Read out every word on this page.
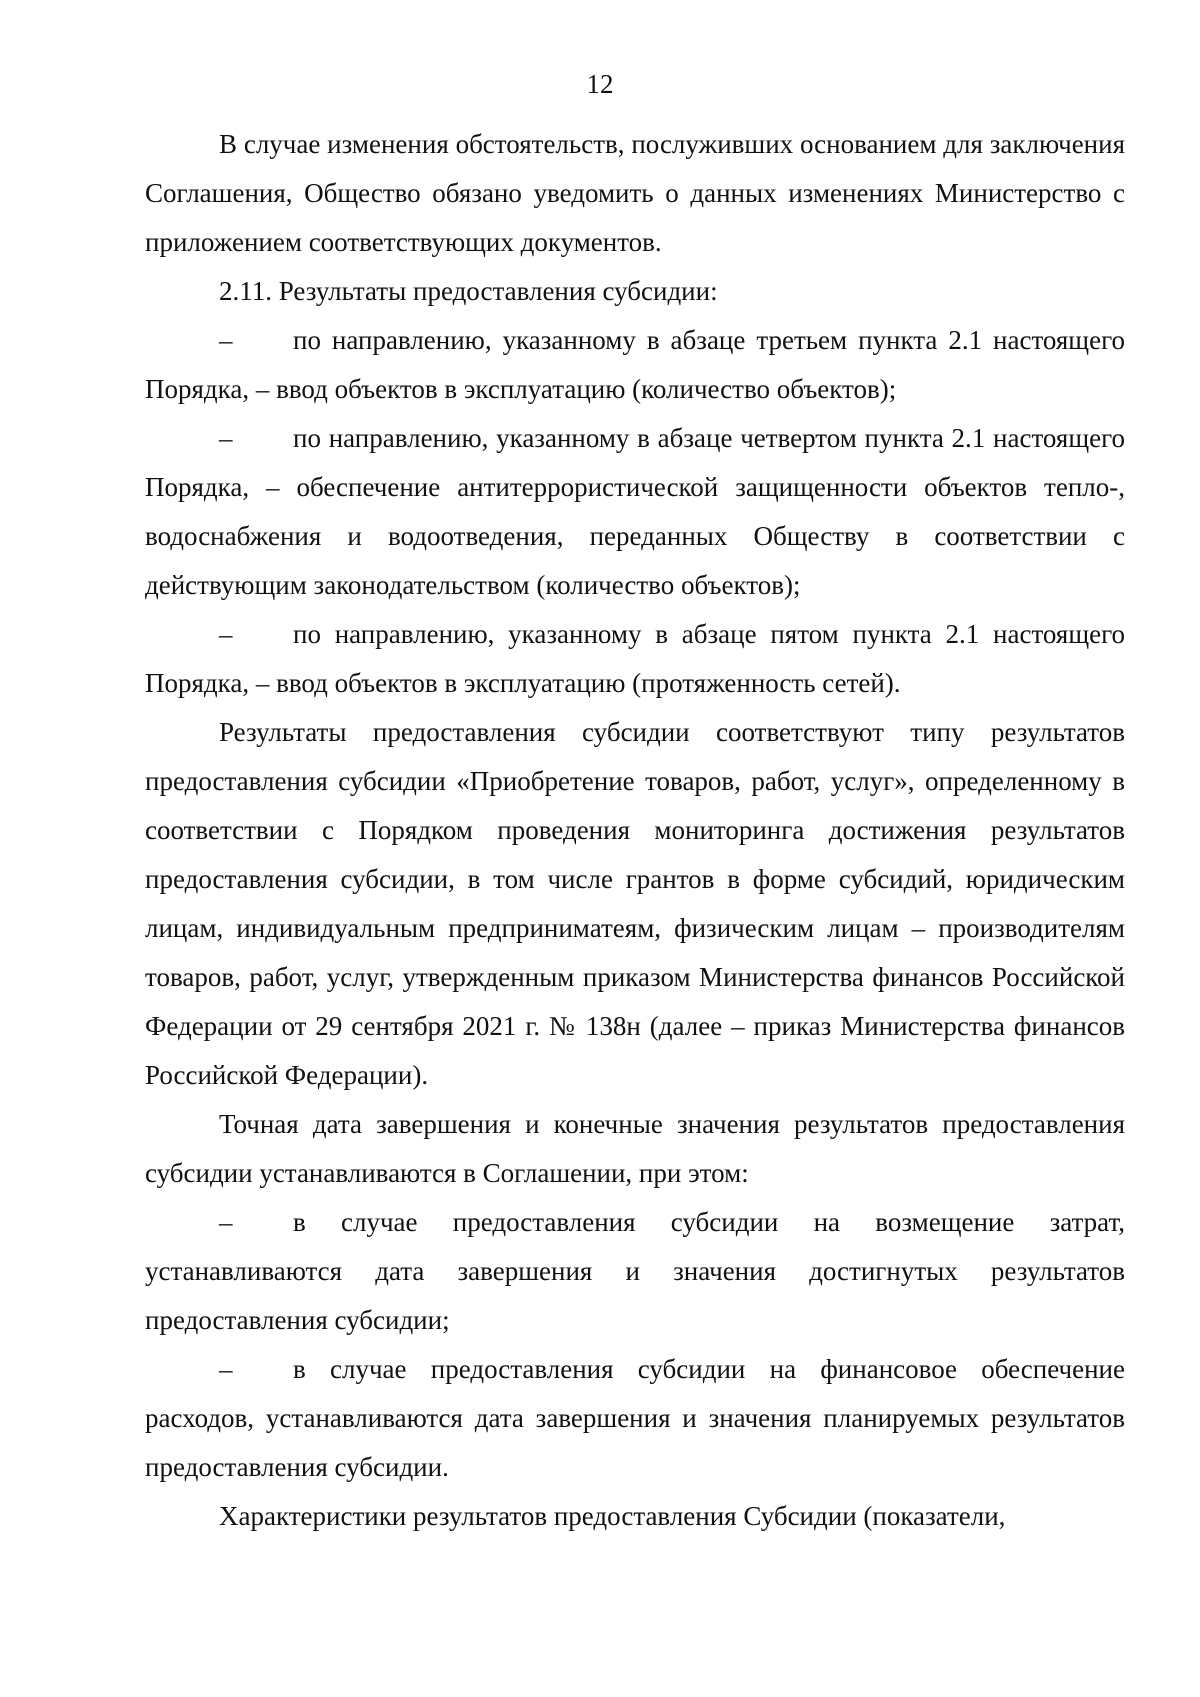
12

В случае изменения обстоятельств, послуживших основанием для заключения Соглашения, Общество обязано уведомить о данных изменениях Министерство с приложением соответствующих документов.

2.11. Результаты предоставления субсидии:

– по направлению, указанному в абзаце третьем пункта 2.1 настоящего Порядка, – ввод объектов в эксплуатацию (количество объектов);

– по направлению, указанному в абзаце четвертом пункта 2.1 настоящего Порядка, – обеспечение антитеррористической защищенности объектов тепло-, водоснабжения и водоотведения, переданных Обществу в соответствии с действующим законодательством (количество объектов);

– по направлению, указанному в абзаце пятом пункта 2.1 настоящего Порядка, – ввод объектов в эксплуатацию (протяженность сетей).

Результаты предоставления субсидии соответствуют типу результатов предоставления субсидии «Приобретение товаров, работ, услуг», определенному в соответствии с Порядком проведения мониторинга достижения результатов предоставления субсидии, в том числе грантов в форме субсидий, юридическим лицам, индивидуальным предприниматеям, физическим лицам – производителям товаров, работ, услуг, утвержденным приказом Министерства финансов Российской Федерации от 29 сентября 2021 г. № 138н (далее – приказ Министерства финансов Российской Федерации).

Точная дата завершения и конечные значения результатов предоставления субсидии устанавливаются в Соглашении, при этом:

– в случае предоставления субсидии на возмещение затрат, устанавливаются дата завершения и значения достигнутых результатов предоставления субсидии;

– в случае предоставления субсидии на финансовое обеспечение расходов, устанавливаются дата завершения и значения планируемых результатов предоставления субсидии.

Характеристики результатов предоставления Субсидии (показатели,
